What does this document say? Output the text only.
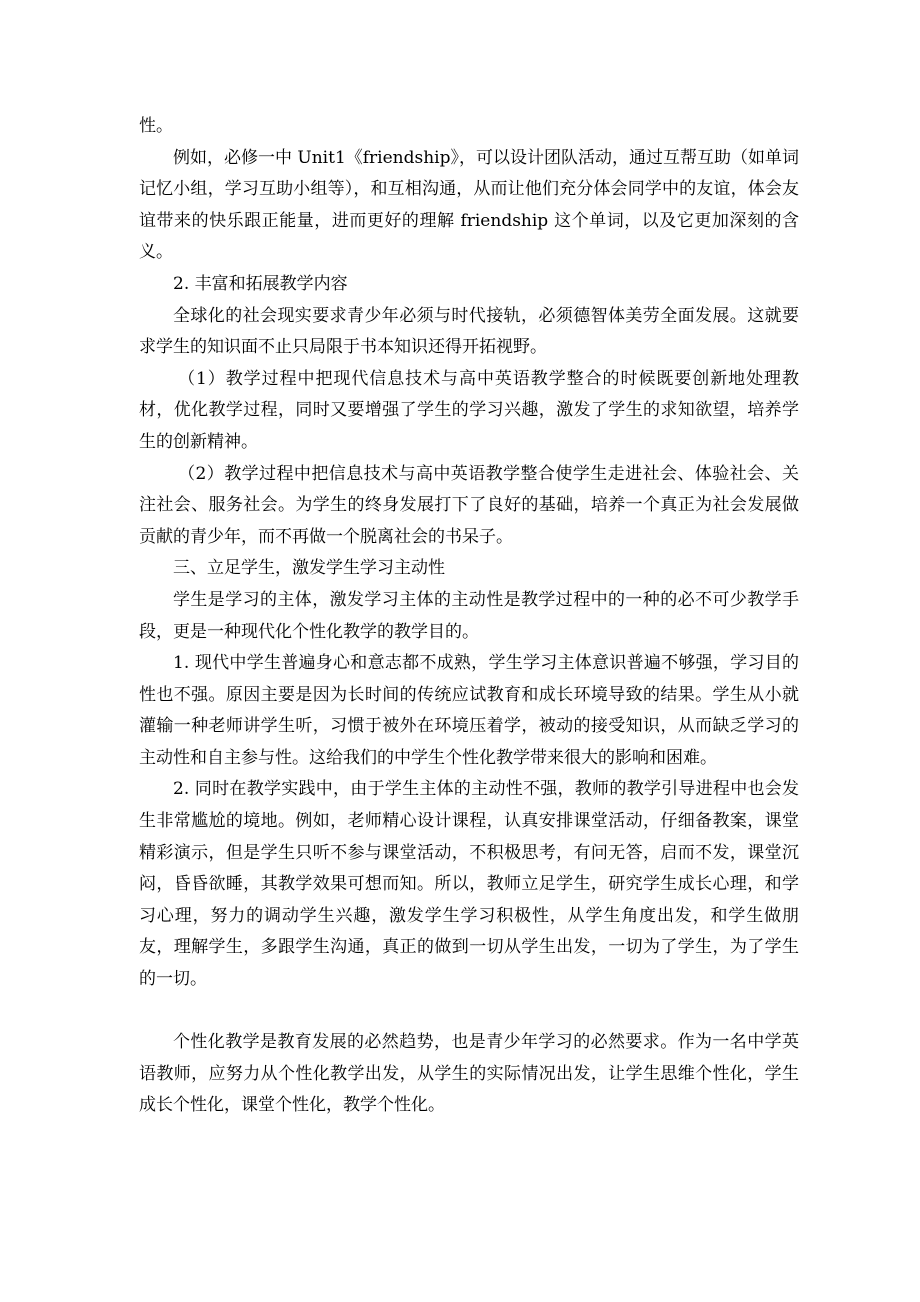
性。

例如，必修一中 Unit1《friendship》，可以设计团队活动，通过互帮互助（如单词记忆小组，学习互助小组等），和互相沟通，从而让他们充分体会同学中的友谊，体会友谊带来的快乐跟正能量，进而更好的理解 friendship 这个单词，以及它更加深刻的含义。

2. 丰富和拓展教学内容

全球化的社会现实要求青少年必须与时代接轨，必须德智体美劳全面发展。这就要求学生的知识面不止只局限于书本知识还得开拓视野。

（1）教学过程中把现代信息技术与高中英语教学整合的时候既要创新地处理教材，优化教学过程，同时又要增强了学生的学习兴趣，激发了学生的求知欲望，培养学生的创新精神。

（2）教学过程中把信息技术与高中英语教学整合使学生走进社会、体验社会、关注社会、服务社会。为学生的终身发展打下了良好的基础，培养一个真正为社会发展做贡献的青少年，而不再做一个脱离社会的书呆子。

三、立足学生，激发学生学习主动性

学生是学习的主体，激发学习主体的主动性是教学过程中的一种的必不可少教学手段，更是一种现代化个性化教学的教学目的。

1. 现代中学生普遍身心和意志都不成熟，学生学习主体意识普遍不够强，学习目的性也不强。原因主要是因为长时间的传统应试教育和成长环境导致的结果。学生从小就灌输一种老师讲学生听，习惯于被外在环境压着学，被动的接受知识，从而缺乏学习的主动性和自主参与性。这给我们的中学生个性化教学带来很大的影响和困难。

2. 同时在教学实践中，由于学生主体的主动性不强，教师的教学引导进程中也会发生非常尴尬的境地。例如，老师精心设计课程，认真安排课堂活动，仔细备教案，课堂精彩演示，但是学生只听不参与课堂活动，不积极思考，有问无答，启而不发，课堂沉闷，昏昏欲睡，其教学效果可想而知。所以，教师立足学生，研究学生成长心理，和学习心理，努力的调动学生兴趣，激发学生学习积极性，从学生角度出发，和学生做朋友，理解学生，多跟学生沟通，真正的做到一切从学生出发，一切为了学生，为了学生的一切。

个性化教学是教育发展的必然趋势，也是青少年学习的必然要求。作为一名中学英语教师，应努力从个性化教学出发，从学生的实际情况出发，让学生思维个性化，学生成长个性化，课堂个性化，教学个性化。
